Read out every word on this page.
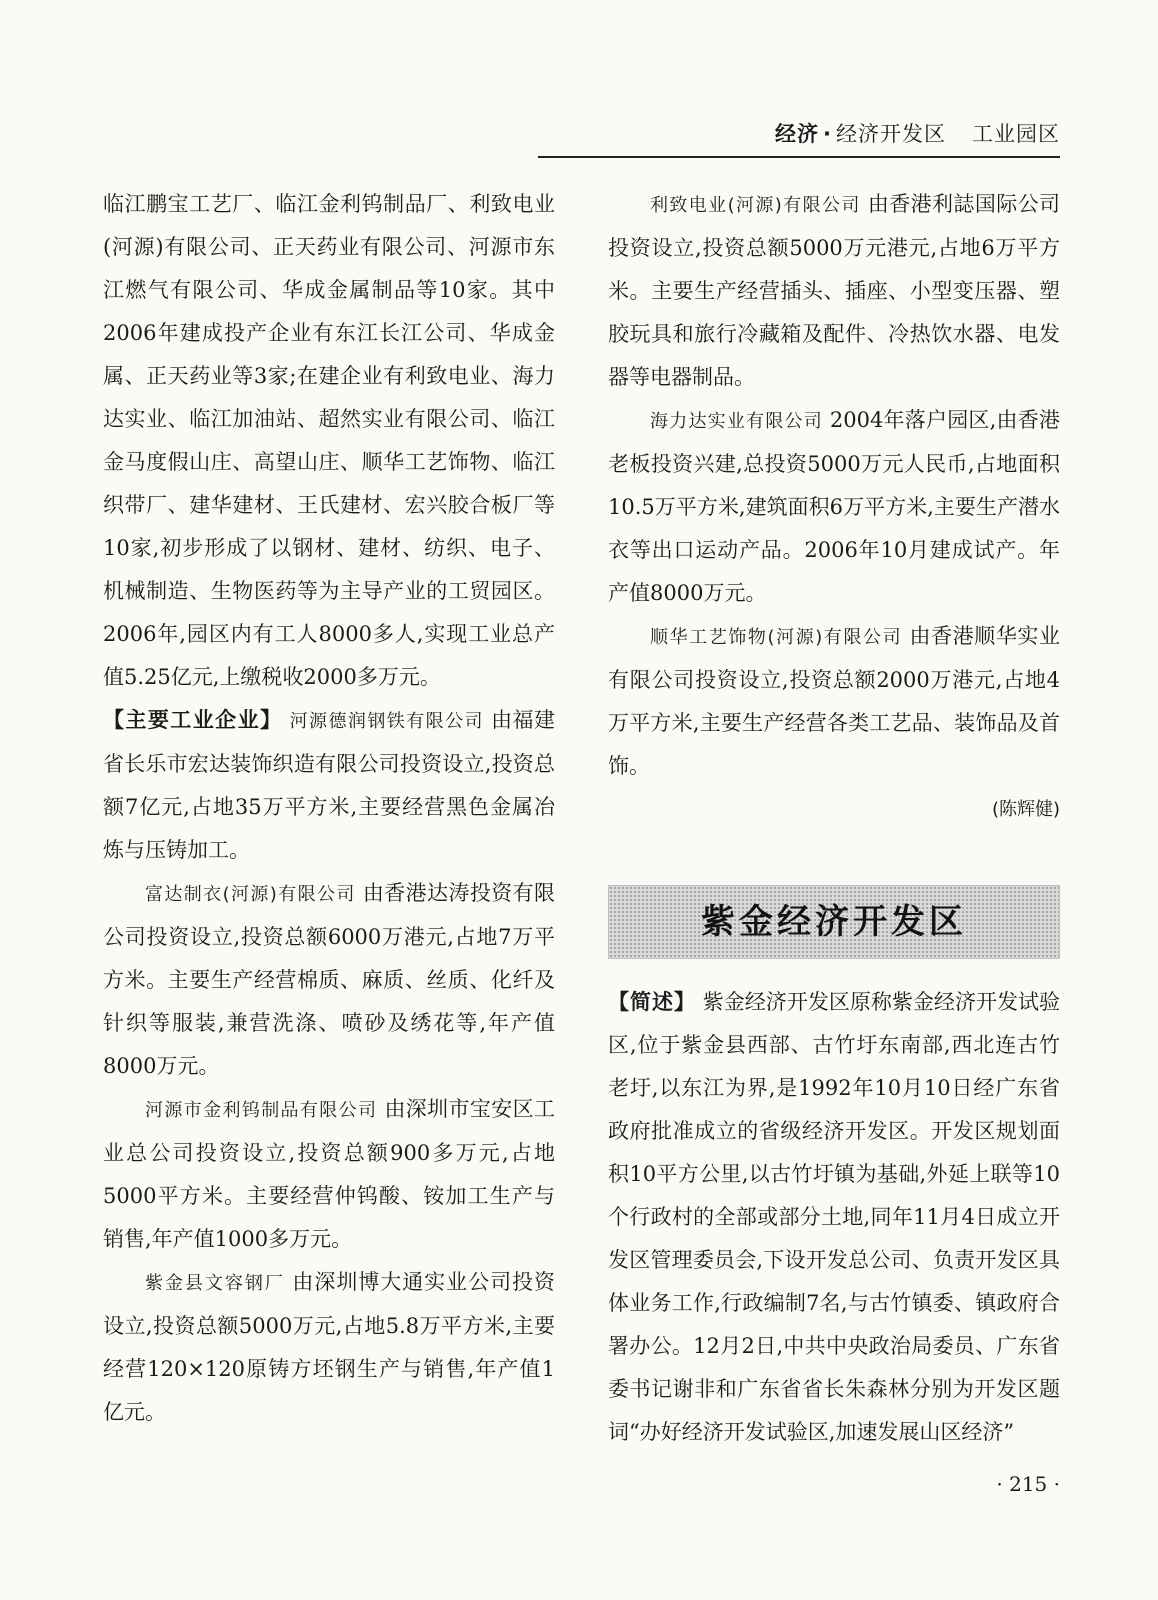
经济 · 经济开发区 工业园区

临江鹏宝工艺厂、临江金利钨制品厂、利致电业(河源)有限公司、正天药业有限公司、河源市东江燃气有限公司、华成金属制品等10家。其中2006年建成投产企业有东江长江公司、华成金属、正天药业等3家;在建企业有利致电业、海力达实业、临江加油站、超然实业有限公司、临江金马度假山庄、高望山庄、顺华工艺饰物、临江织带厂、建华建材、王氏建材、宏兴胶合板厂等10家,初步形成了以钢材、建材、纺织、电子、机械制造、生物医药等为主导产业的工贸园区。2006年,园区内有工人8000多人,实现工业总产值5.25亿元,上缴税收2000多万元。

【主要工业企业】 河源德润钢铁有限公司 由福建省长乐市宏达装饰织造有限公司投资设立,投资总额7亿元,占地35万平方米,主要经营黑色金属冶炼与压铸加工。

富达制衣(河源)有限公司 由香港达涛投资有限公司投资设立,投资总额6000万港元,占地7万平方米。主要生产经营棉质、麻质、丝质、化纤及针织等服装,兼营洗涤、喷砂及绣花等,年产值8000万元。

河源市金利钨制品有限公司 由深圳市宝安区工业总公司投资设立,投资总额900多万元,占地5000平方米。主要经营仲钨酸、铵加工生产与销售,年产值1000多万元。

紫金县文容钢厂 由深圳博大通实业公司投资设立,投资总额5000万元,占地5.8万平方米,主要经营120×120原铸方坯钢生产与销售,年产值1亿元。

利致电业(河源)有限公司 由香港利誌国际公司投资设立,投资总额5000万元港元,占地6万平方米。主要生产经营插头、插座、小型变压器、塑胶玩具和旅行冷藏箱及配件、冷热饮水器、电发器等电器制品。

海力达实业有限公司 2004年落户园区,由香港老板投资兴建,总投资5000万元人民币,占地面积10.5万平方米,建筑面积6万平方米,主要生产潜水衣等出口运动产品。2006年10月建成试产。年产值8000万元。

顺华工艺饰物(河源)有限公司 由香港顺华实业有限公司投资设立,投资总额2000万港元,占地4万平方米,主要生产经营各类工艺品、装饰品及首饰。

(陈辉健)

紫金经济开发区

【简述】 紫金经济开发区原称紫金经济开发试验区,位于紫金县西部、古竹圩东南部,西北连古竹老圩,以东江为界,是1992年10月10日经广东省政府批准成立的省级经济开发区。开发区规划面积10平方公里,以古竹圩镇为基础,外延上联等10个行政村的全部或部分土地,同年11月4日成立开发区管理委员会,下设开发总公司、负责开发区具体业务工作,行政编制7名,与古竹镇委、镇政府合署办公。12月2日,中共中央政治局委员、广东省委书记谢非和广东省省长朱森林分别为开发区题词“办好经济开发试验区,加速发展山区经济”

· 215 ·
